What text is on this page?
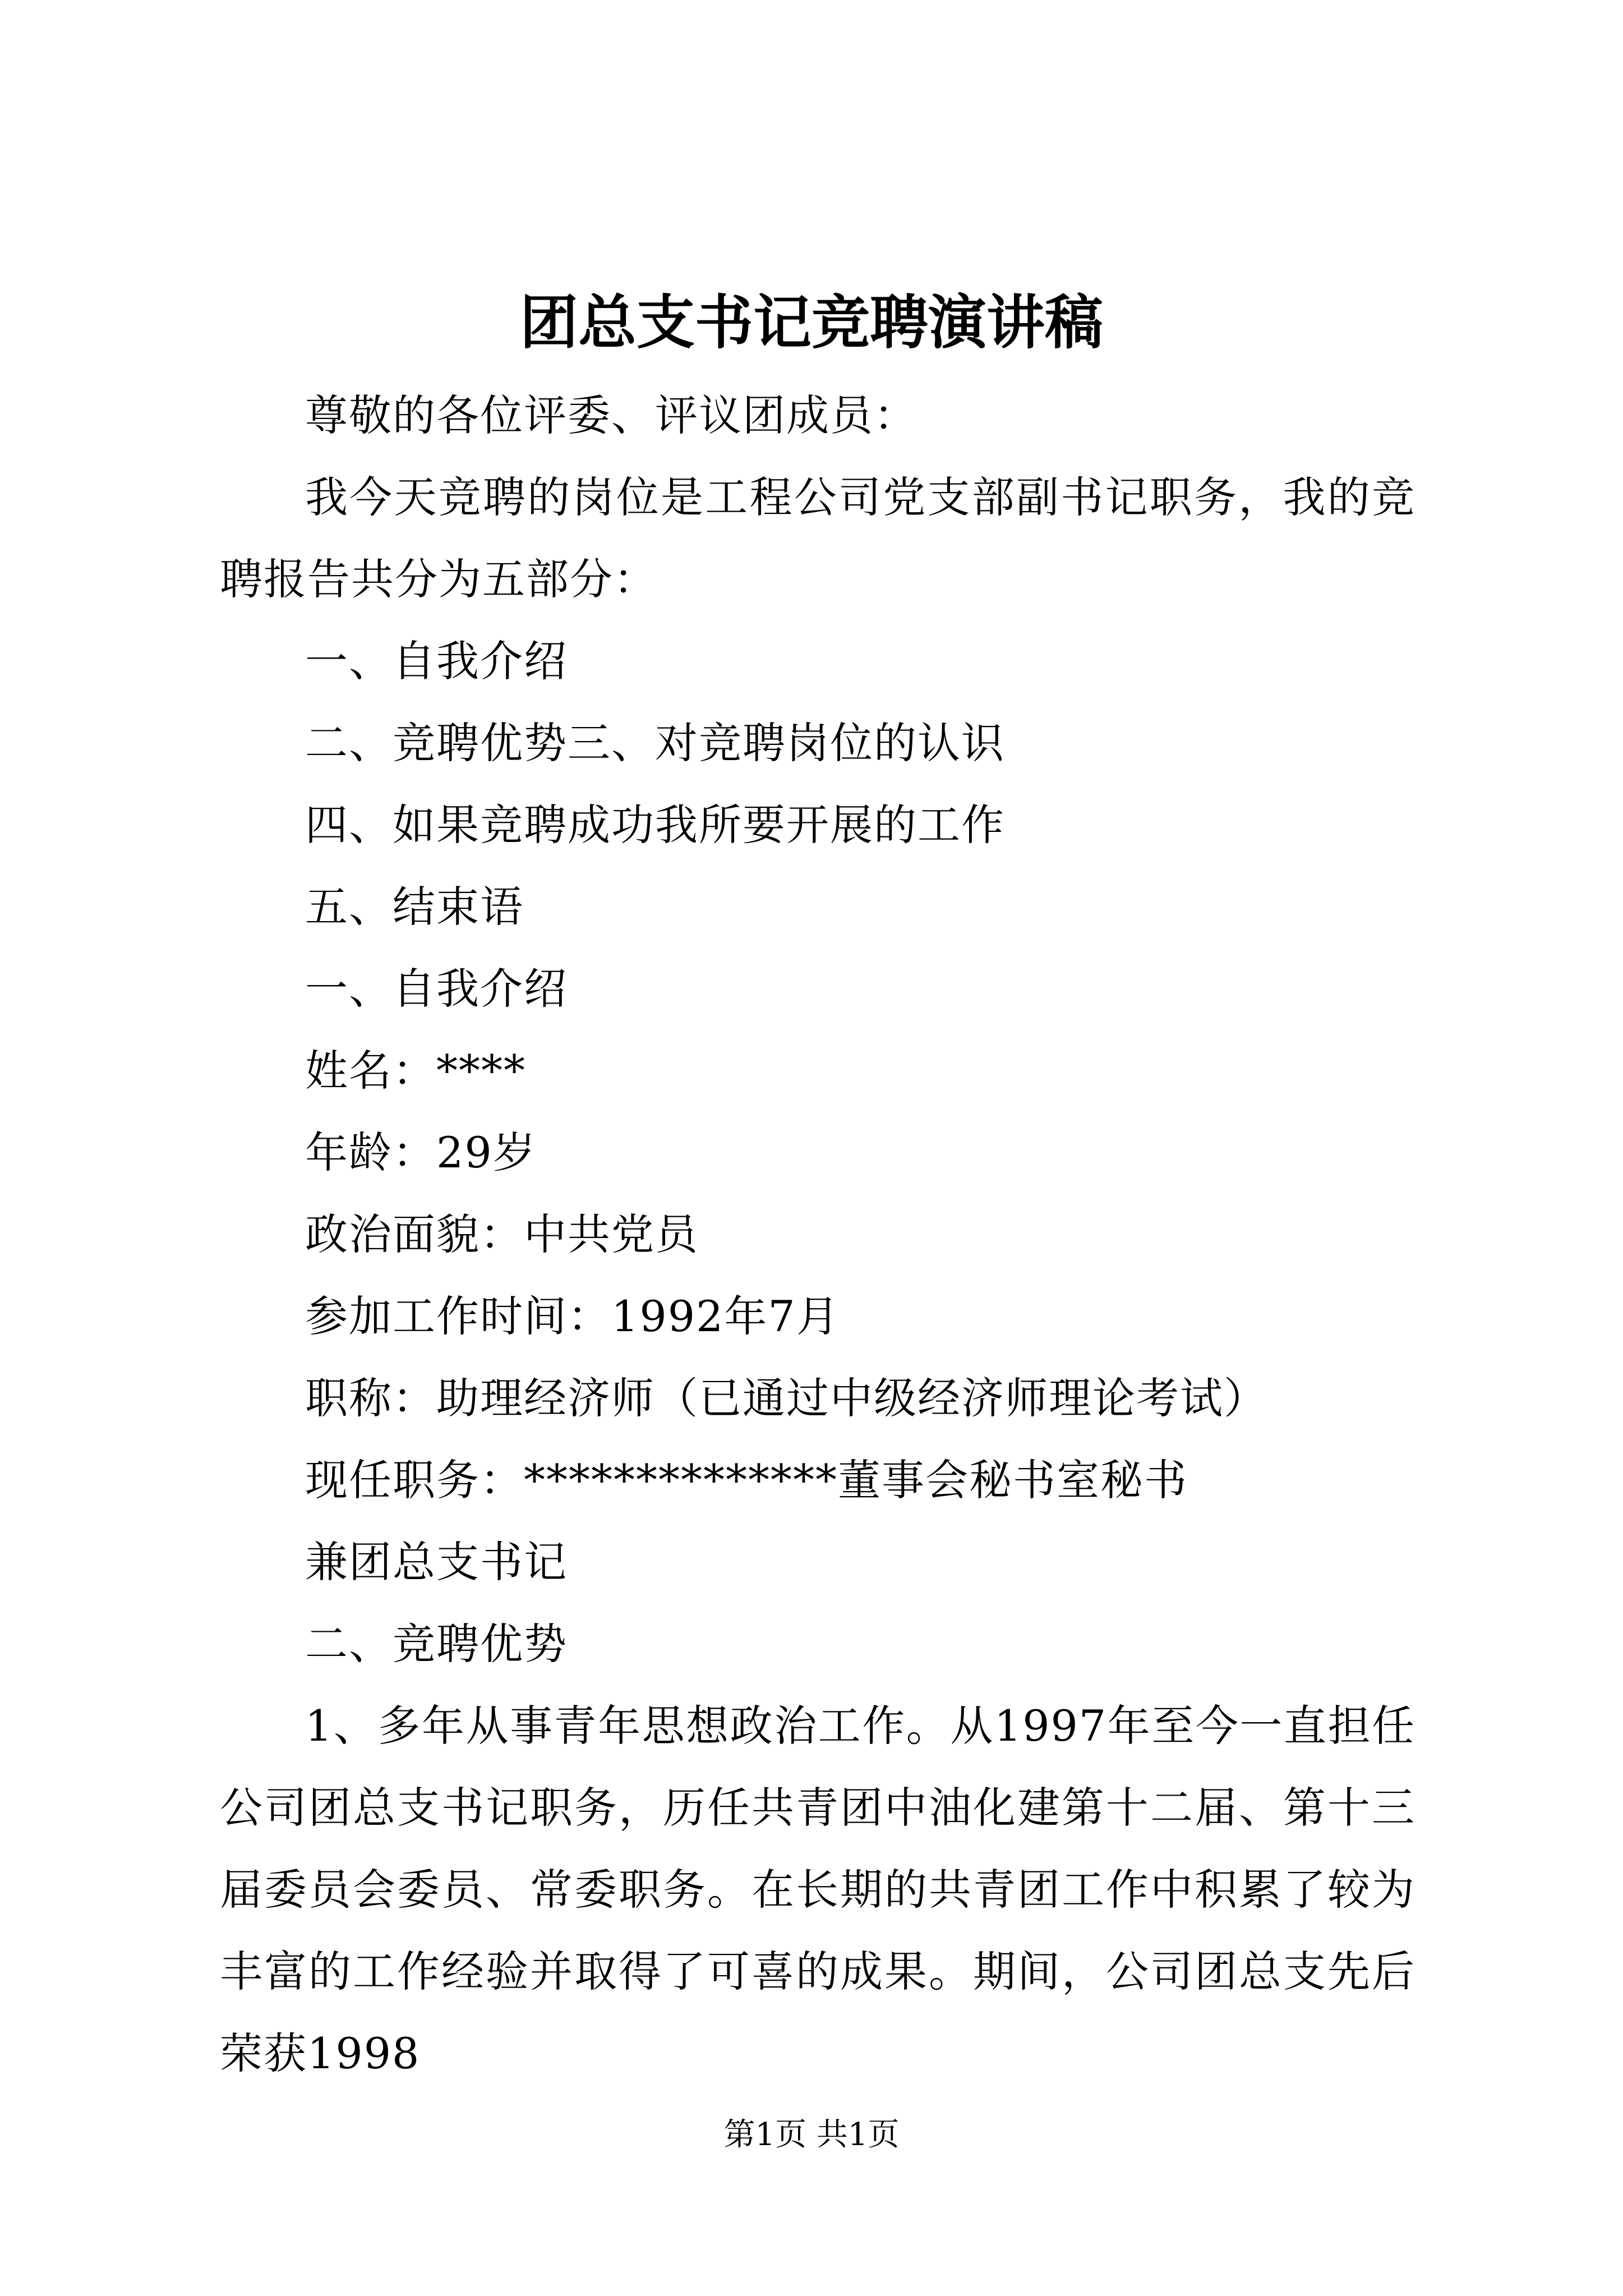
团总支书记竞聘演讲稿

尊敬的各位评委、评议团成员：

我今天竞聘的岗位是工程公司党支部副书记职务，我的竞聘报告共分为五部分：

一、自我介绍

二、竞聘优势三、对竞聘岗位的认识

四、如果竞聘成功我所要开展的工作

五、结束语

一、自我介绍

姓名：****

年龄：29岁

政治面貌：中共党员

参加工作时间：1992年7月

职称：助理经济师（已通过中级经济师理论考试）

现任职务：**************董事会秘书室秘书

兼团总支书记

二、竞聘优势

1、多年从事青年思想政治工作。从1997年至今一直担任公司团总支书记职务，历任共青团中油化建第十二届、第十三届委员会委员、常委职务。在长期的共青团工作中积累了较为丰富的工作经验并取得了可喜的成果。期间，公司团总支先后荣获1998

第1页 共1页
